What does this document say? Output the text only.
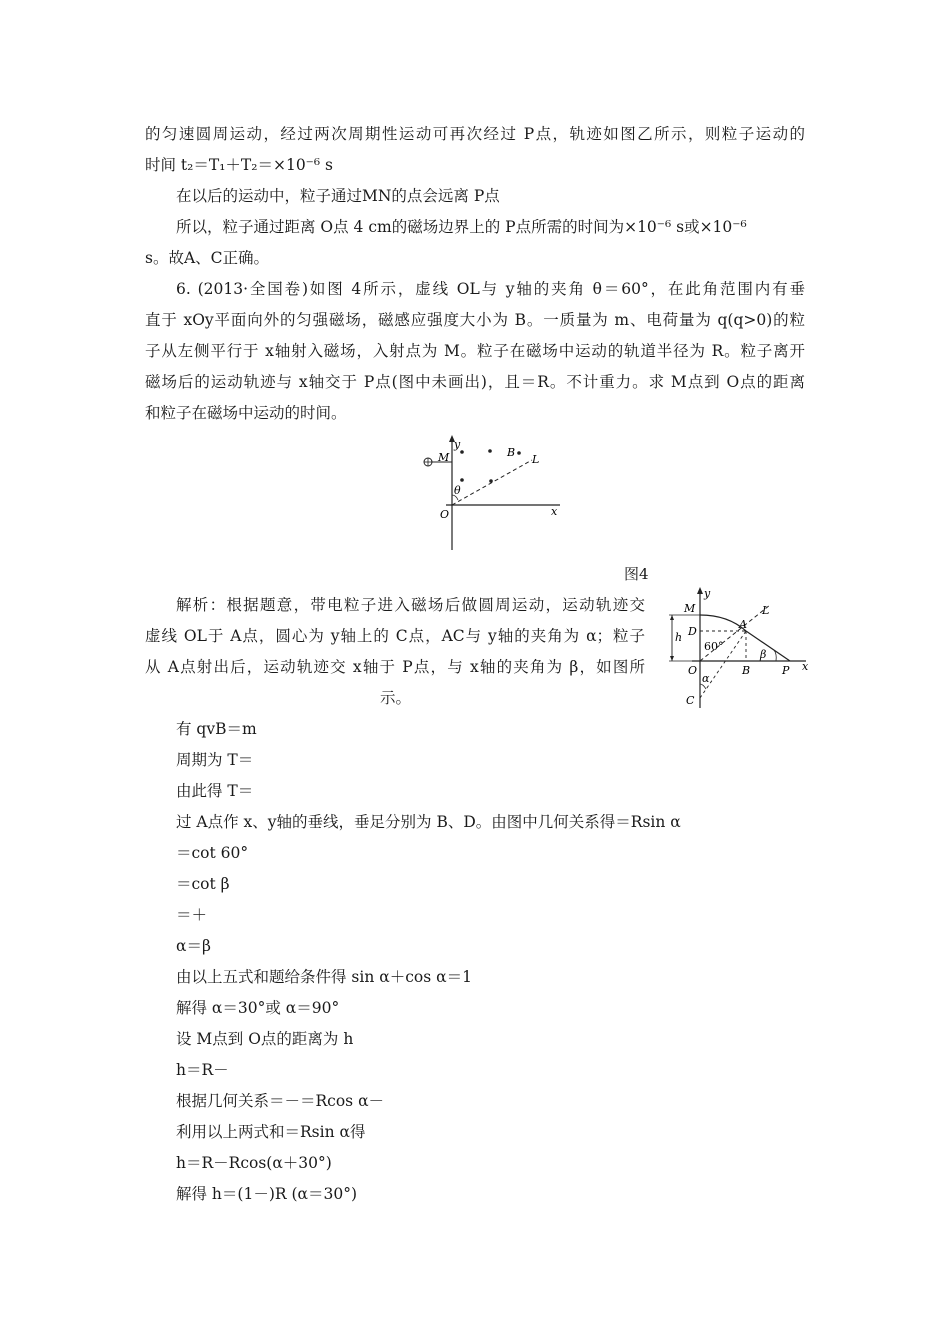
的匀速圆周运动，经过两次周期性运动可再次经过 P点，轨迹如图乙所示，则粒子运动的
时间 t₂＝T₁＋T₂＝×10⁻⁶ s
在以后的运动中，粒子通过MN的点会远离 P点
所以，粒子通过距离 O点 4 cm的磁场边界上的 P点所需的时间为×10⁻⁶ s或×10⁻⁶
s。故A、C正确。
6. (2013·全国卷)如图 4所示，虚线 OL与 y轴的夹角 θ＝60°，在此角范围内有垂
直于 xOy平面向外的匀强磁场，磁感应强度大小为 B。一质量为 m、电荷量为 q(q>0)的粒
子从左侧平行于 x轴射入磁场，入射点为 M。粒子在磁场中运动的轨道半径为 R。粒子离开
磁场后的运动轨迹与 x轴交于 P点(图中未画出)，且＝R。不计重力。求 M点到 O点的距离
和粒子在磁场中运动的时间。
y
x
M
O
B
L
θ
图4
解析：根据题意，带电粒子进入磁场后做圆周运动，运动轨迹交
虚线 OL于 A点，圆心为 y轴上的 C点，AC与 y轴的夹角为 α；粒子
从 A点射出后，运动轨迹交 x轴于 P点，与 x轴的夹角为 β，如图所
示。
y
x
M
D
h
A
L
60°
β
O	B	P
α
C
有 qvB＝m
周期为 T＝
由此得 T＝
过 A点作 x、y轴的垂线，垂足分别为 B、D。由图中几何关系得＝Rsin α
＝cot 60°
＝cot β
＝＋
α＝β
由以上五式和题给条件得 sin α＋cos α＝1
解得 α＝30°或 α＝90°
设 M点到 O点的距离为 h
h＝R－
根据几何关系＝－＝Rcos α－
利用以上两式和＝Rsin α得
h＝R－Rcos(α＋30°)
解得 h＝(1－)R (α＝30°)
